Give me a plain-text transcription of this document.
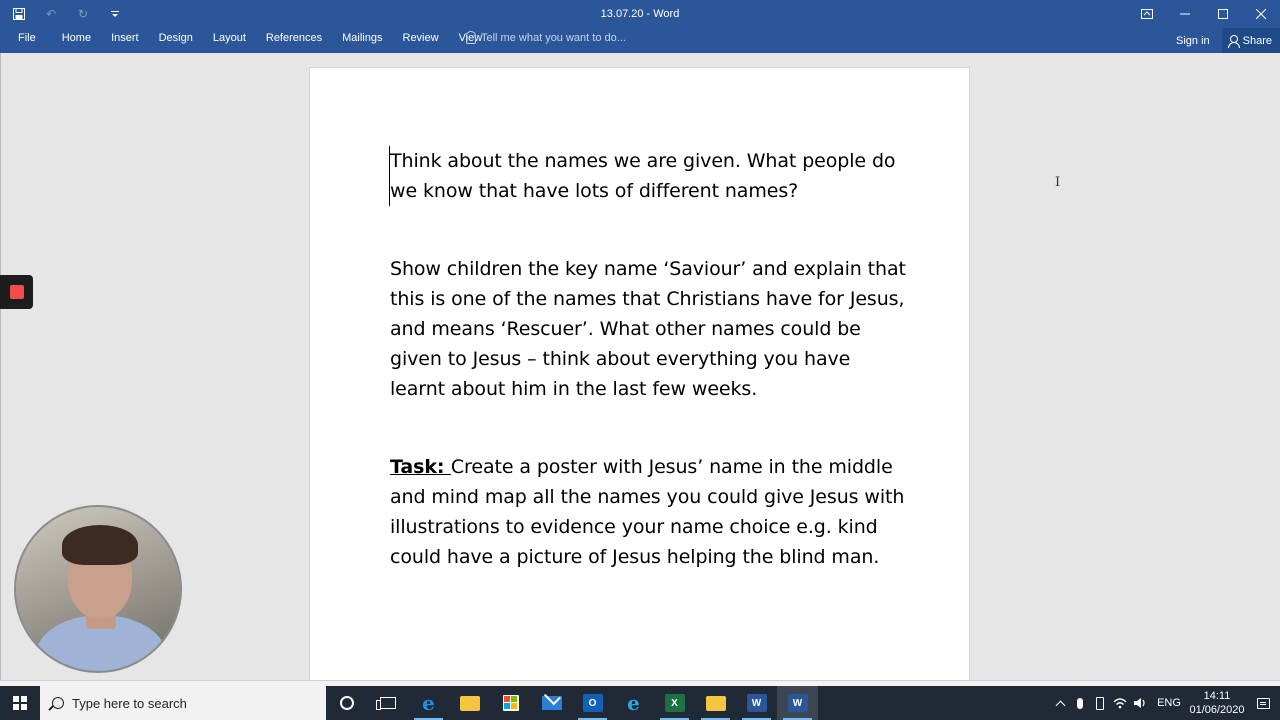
↶	↻	13.07.20 - Word
File	Home	Insert	Design	Layout	References	Mailings	Review	View
Tell me what you want to do...	Sign in	Share

Think about the names we are given. What people do we know that have lots of different names?

Show children the key name ‘Saviour’ and explain that this is one of the names that Christians have for Jesus, and means ‘Rescuer’. What other names could be given to Jesus – think about everything you have learnt about him in the last few weeks.

Task: Create a poster with Jesus’ name in the middle and mind map all the names you could give Jesus with illustrations to evidence your name choice e.g. kind could have a picture of Jesus helping the blind man.

I
Type here to search	e	O	e	X	W	W	ENG
14:11
01/06/2020
